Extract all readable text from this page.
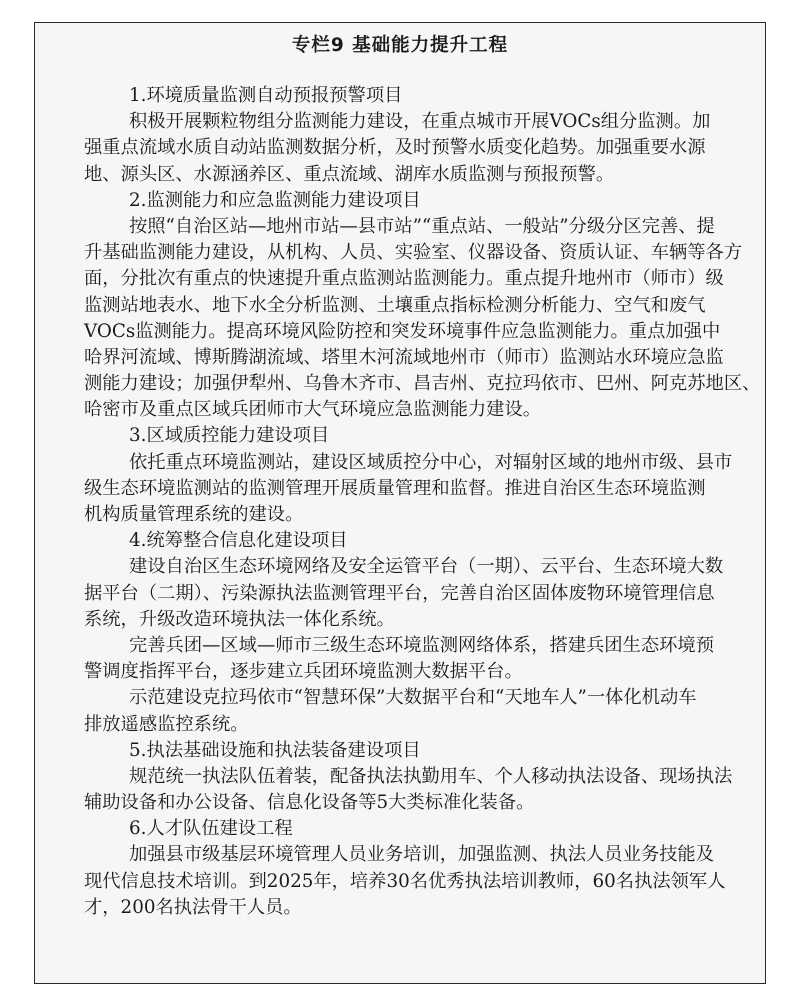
专栏9 基础能力提升工程
1.环境质量监测自动预报预警项目
积极开展颗粒物组分监测能力建设，在重点城市开展VOCs组分监测。加
强重点流域水质自动站监测数据分析，及时预警水质变化趋势。加强重要水源
地、源头区、水源涵养区、重点流域、湖库水质监测与预报预警。
2.监测能力和应急监测能力建设项目
按照“自治区站—地州市站—县市站”“重点站、一般站”分级分区完善、提
升基础监测能力建设，从机构、人员、实验室、仪器设备、资质认证、车辆等各方
面，分批次有重点的快速提升重点监测站监测能力。重点提升地州市（师市）级
监测站地表水、地下水全分析监测、土壤重点指标检测分析能力、空气和废气
VOCs监测能力。提高环境风险防控和突发环境事件应急监测能力。重点加强中
哈界河流域、博斯腾湖流域、塔里木河流域地州市（师市）监测站水环境应急监
测能力建设；加强伊犁州、乌鲁木齐市、昌吉州、克拉玛依市、巴州、阿克苏地区、
哈密市及重点区域兵团师市大气环境应急监测能力建设。
3.区域质控能力建设项目
依托重点环境监测站，建设区域质控分中心，对辐射区域的地州市级、县市
级生态环境监测站的监测管理开展质量管理和监督。推进自治区生态环境监测
机构质量管理系统的建设。
4.统筹整合信息化建设项目
建设自治区生态环境网络及安全运管平台（一期）、云平台、生态环境大数
据平台（二期）、污染源执法监测管理平台，完善自治区固体废物环境管理信息
系统，升级改造环境执法一体化系统。
完善兵团—区域—师市三级生态环境监测网络体系，搭建兵团生态环境预
警调度指挥平台，逐步建立兵团环境监测大数据平台。
示范建设克拉玛依市“智慧环保”大数据平台和“天地车人”一体化机动车
排放遥感监控系统。
5.执法基础设施和执法装备建设项目
规范统一执法队伍着装，配备执法执勤用车、个人移动执法设备、现场执法
辅助设备和办公设备、信息化设备等5大类标准化装备。
6.人才队伍建设工程
加强县市级基层环境管理人员业务培训，加强监测、执法人员业务技能及
现代信息技术培训。到2025年，培养30名优秀执法培训教师，60名执法领军人
才，200名执法骨干人员。
